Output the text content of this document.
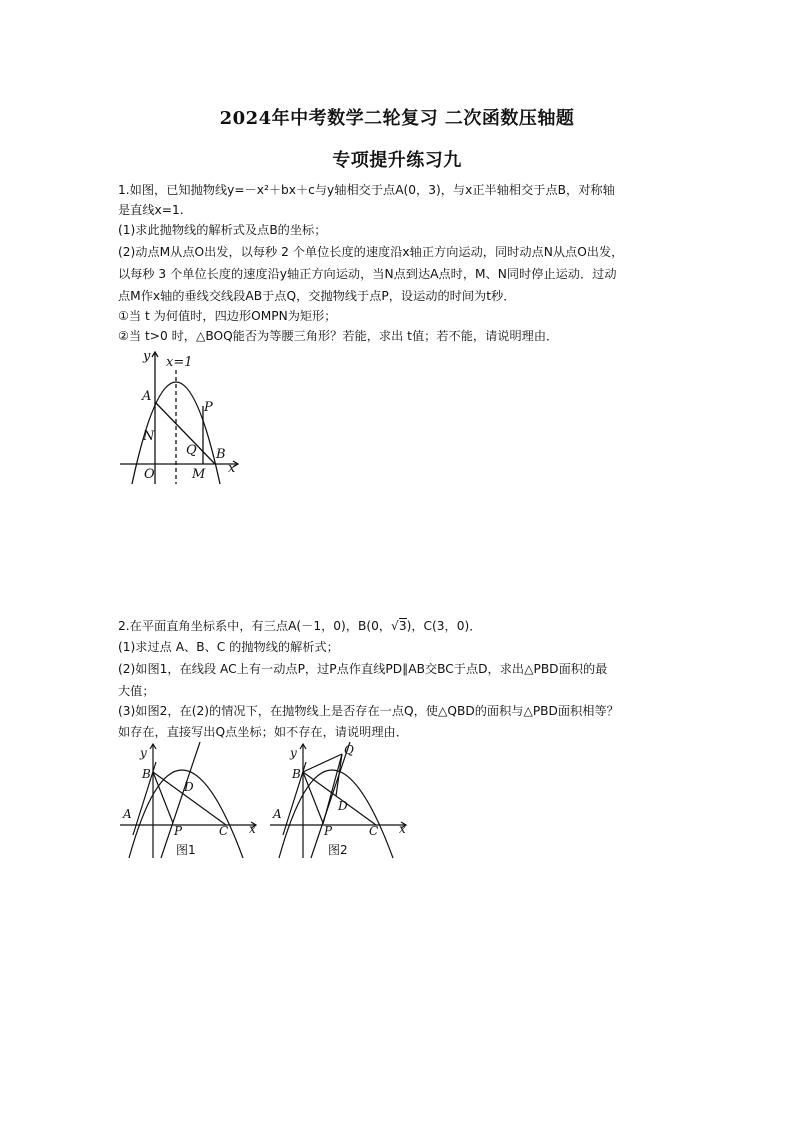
2024年中考数学二轮复习 二次函数压轴题
专项提升练习九
1.如图，已知抛物线y=－x²＋bx＋c与y轴相交于点A(0，3)，与x正半轴相交于点B，对称轴
是直线x=1.
(1)求此抛物线的解析式及点B的坐标；
(2)动点M从点O出发，以每秒 2 个单位长度的速度沿x轴正方向运动，同时动点N从点O出发，
以每秒 3 个单位长度的速度沿y轴正方向运动，当N点到达A点时，M、N同时停止运动．过动
点M作x轴的垂线交线段AB于点Q，交抛物线于点P，设运动的时间为t秒．
①当 t 为何值时，四边形OMPN为矩形；
②当 t>0 时，△BOQ能否为等腰三角形？若能，求出 t值；若不能，请说明理由．
y x=1
A
P
N
Q B
x
O	M
2.在平面直角坐标系中，有三点A(－1，0)，B(0，√3)，C(3，0)．
(1)求过点 A、B、C 的抛物线的解析式；
(2)如图1，在线段 AC上有一动点P，过P点作直线PD∥AB交BC于点D，求出△PBD面积的最
大值；
(3)如图2，在(2)的情况下，在抛物线上是否存在一点Q，使△QBD的面积与△PBD面积相等？
如存在，直接写出Q点坐标；如不存在，请说明理由．
y
B
D
A
P	C x
图1
y	Q
B
D
A
P	C x
图2
